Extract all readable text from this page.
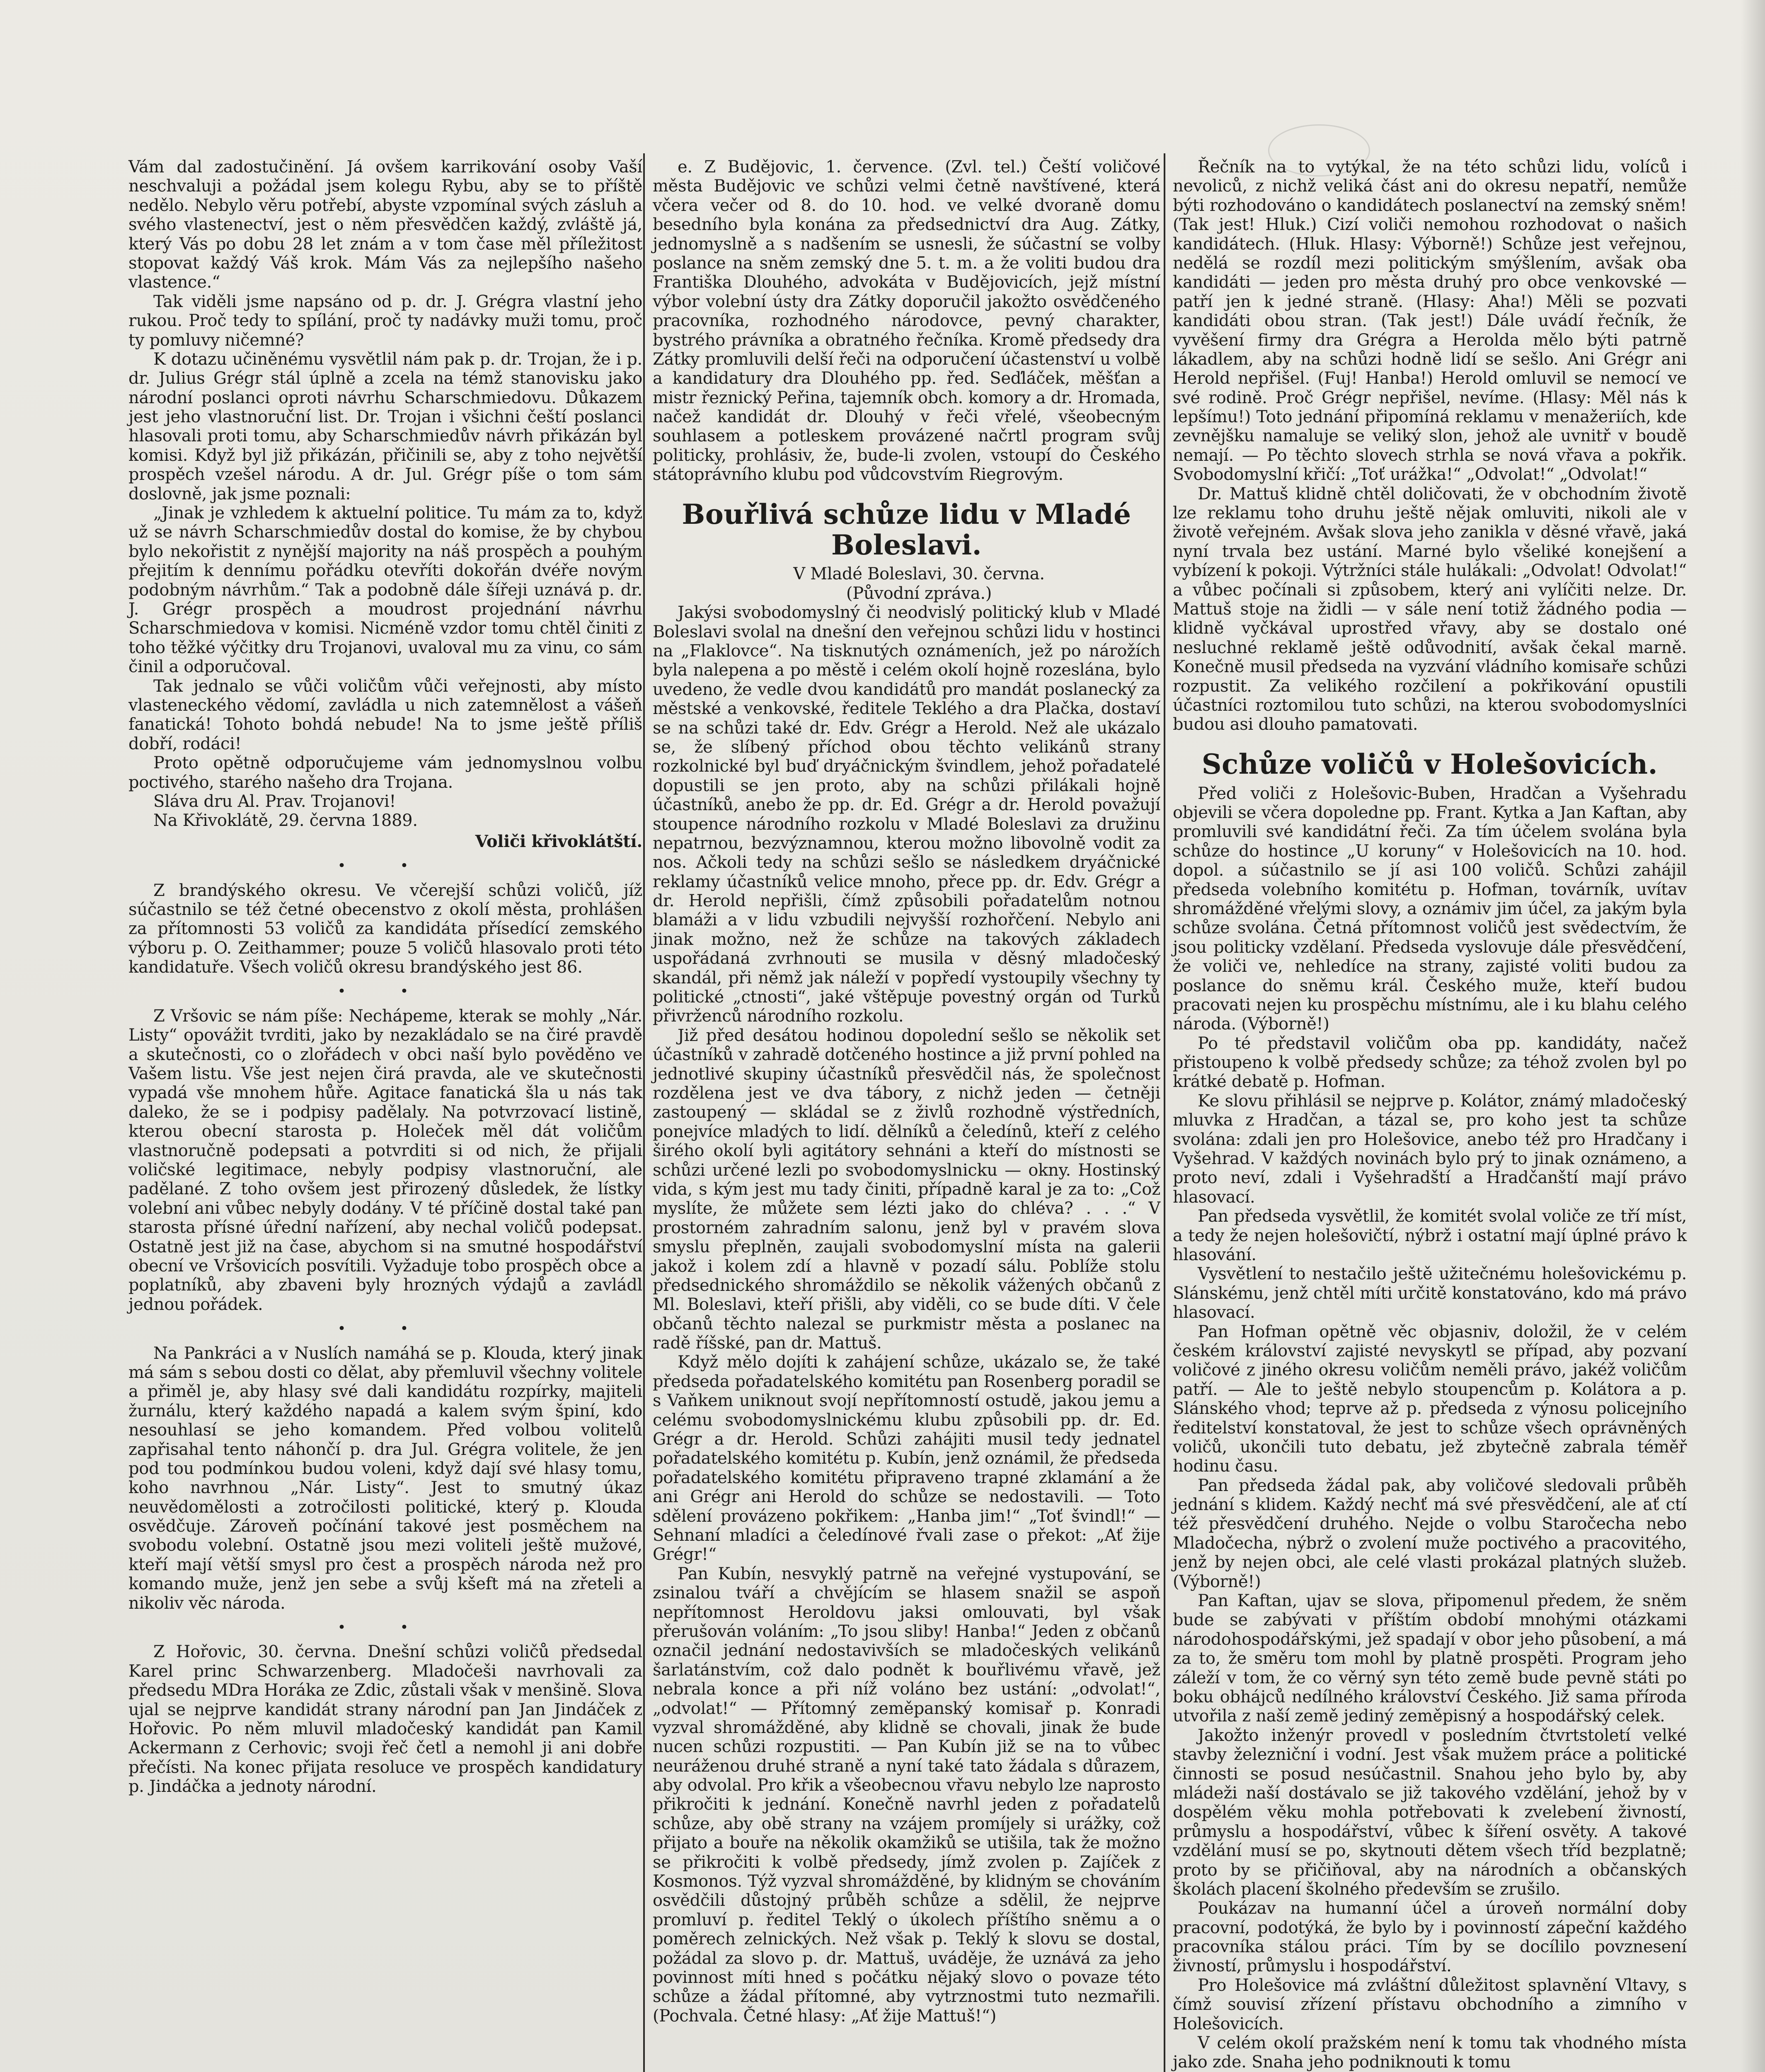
Vám dal zadostučinění. Já ovšem karrikování osoby Vaší neschvaluji a požádal jsem kolegu Rybu, aby se to příště nedělo. Nebylo věru potřebí, abyste vzpomínal svých zásluh a svého vlastenectví, jest o něm přesvědčen každý, zvláště já, který Vás po dobu 28 let znám a v tom čase měl příležitost stopovat každý Váš krok. Mám Vás za nejlepšího našeho vlastence.“

Tak viděli jsme napsáno od p. dr. J. Grégra vlastní jeho rukou. Proč tedy to spílání, proč ty nadávky muži tomu, proč ty pomluvy ničemné?

K dotazu učiněnému vysvětlil nám pak p. dr. Trojan, že i p. dr. Julius Grégr stál úplně a zcela na témž stanovisku jako národní poslanci oproti návrhu Scharschmiedovu. Důkazem jest jeho vlastnoruční list. Dr. Trojan i všichni čeští poslanci hlasovali proti tomu, aby Scharschmiedův návrh přikázán byl komisi. Když byl již přikázán, přičinili se, aby z toho největší prospěch vzešel národu. A dr. Jul. Grégr píše o tom sám doslovně, jak jsme poznali:

„Jinak je vzhledem k aktuelní politice. Tu mám za to, když už se návrh Scharschmiedův dostal do komise, že by chybou bylo nekořistit z nynější majority na náš prospěch a pouhým přejitím k dennímu pořádku otevříti dokořán dvéře novým podobným návrhům.“ Tak a podobně dále šířeji uznává p. dr. J. Grégr prospěch a moudrost projednání návrhu Scharschmiedova v komisi. Nicméně vzdor tomu chtěl činiti z toho těžké výčitky dru Trojanovi, uvaloval mu za vinu, co sám činil a odporučoval.

Tak jednalo se vůči voličům vůči veřejnosti, aby místo vlasteneckého vědomí, zavládla u nich zatemnělost a vášeň fanatická! Tohoto bohdá nebude! Na to jsme ještě příliš dobří, rodáci!

Proto opětně odporučujeme vám jednomyslnou volbu poctivého, starého našeho dra Trojana.

Sláva dru Al. Prav. Trojanovi!

Na Křivoklátě, 29. června 1889.

Voliči křivoklátští.
• •

Z brandýského okresu. Ve včerejší schůzi voličů, jíž súčastnilo se též četné obecenstvo z okolí města, prohlášen za přítomnosti 53 voličů za kandidáta přísedící zemského výboru p. O. Zeithammer; pouze 5 voličů hlasovalo proti této kandidatuře. Všech voličů okresu brandýského jest 86.

• •

Z Vršovic se nám píše: Nechápeme, kterak se mohly „Nár. Listy“ opovážit tvrditi, jako by nezakládalo se na čiré pravdě a skutečnosti, co o zlořádech v obci naší bylo pověděno ve Vašem listu. Vše jest nejen čirá pravda, ale ve skutečnosti vypadá vše mnohem hůře. Agitace fanatická šla u nás tak daleko, že se i podpisy padělaly. Na potvrzovací listině, kterou obecní starosta p. Holeček měl dát voličům vlastnoručně podepsati a potvrditi si od nich, že přijali voličské legitimace, nebyly podpisy vlastnoruční, ale padělané. Z toho ovšem jest přirozený důsledek, že lístky volební ani vůbec nebyly dodány. V té příčině dostal také pan starosta přísné úřední nařízení, aby nechal voličů podepsat. Ostatně jest již na čase, abychom si na smutné hospodářství obecní ve Vršovicích posvítili. Vyžaduje tobo prospěch obce a poplatníků, aby zbaveni byly hrozných výdajů a zavládl jednou pořádek.

• •

Na Pankráci a v Nuslích namáhá se p. Klouda, který jinak má sám s sebou dosti co dělat, aby přemluvil všechny volitele a přiměl je, aby hlasy své dali kandidátu rozpírky, majiteli žurnálu, který každého napadá a kalem svým špiní, kdo nesouhlasí se jeho komandem. Před volbou volitelů zapřisahal tento náhončí p. dra Jul. Grégra volitele, že jen pod tou podmínkou budou voleni, když dají své hlasy tomu, koho navrhnou „Nár. Listy“. Jest to smutný úkaz neuvědomělosti a zotročilosti politické, který p. Klouda osvědčuje. Zároveň počínání takové jest posměchem na svobodu volební. Ostatně jsou mezi voliteli ještě mužové, kteří mají větší smysl pro čest a prospěch národa než pro komando muže, jenž jen sebe a svůj kšeft má na zřeteli a nikoliv věc národa.

• •

Z Hořovic, 30. června. Dnešní schůzi voličů předsedal Karel princ Schwarzenberg. Mladočeši navrhovali za předsedu MDra Horáka ze Zdic, zůstali však v menšině. Slova ujal se nejprve kandidát strany národní pan Jan Jindáček z Hořovic. Po něm mluvil mladočeský kandidát pan Kamil Ackermann z Cerhovic; svoji řeč četl a nemohl ji ani dobře přečísti. Na konec přijata resoluce ve prospěch kandidatury p. Jindáčka a jednoty národní.

e. Z Budějovic, 1. července. (Zvl. tel.) Čeští voličové města Budějovic ve schůzi velmi četně navštívené, která včera večer od 8. do 10. hod. ve velké dvoraně domu besedního byla konána za předsednictví dra Aug. Zátky, jednomyslně a s nadšením se usnesli, že súčastní se volby poslance na sněm zemský dne 5. t. m. a že voliti budou dra Františka Dlouhého, advokáta v Budějovicích, jejž místní výbor volební ústy dra Zátky doporučil jakožto osvědčeného pracovníka, rozhodného národovce, pevný charakter, bystrého právníka a obratného řečníka. Kromě předsedy dra Zátky promluvili delší řeči na odporučení účastenství u volbě a kandidatury dra Dlouhého pp. řed. Seďláček, měšťan a mistr řeznický Peřina, tajemník obch. komory a dr. Hromada, načež kandidát dr. Dlouhý v řeči vřelé, všeobecným souhlasem a potleskem provázené načrtl program svůj politicky, prohlásiv, že, bude-li zvolen, vstoupí do Českého státoprávního klubu pod vůdcovstvím Riegrovým.

Bouřlivá schůze lidu v Mladé Boleslavi.

V Mladé Boleslavi, 30. června.

(Původní zpráva.)

Jakýsi svobodomyslný či neodvislý politický klub v Mladé Boleslavi svolal na dnešní den veřejnou schůzi lidu v hostinci na „Flaklovce“. Na tisknutých oznámeních, jež po nárožích byla nalepena a po městě i celém okolí hojně rozeslána, bylo uvedeno, že vedle dvou kandidátů pro mandát poslanecký za městské a venkovské, ředitele Teklého a dra Plačka, dostaví se na schůzi také dr. Edv. Grégr a Herold. Než ale ukázalo se, že slíbený příchod obou těchto velikánů strany rozkolnické byl buď dryáčnickým švindlem, jehož pořadatelé dopustili se jen proto, aby na schůzi přilákali hojně účastníků, anebo že pp. dr. Ed. Grégr a dr. Herold považují stoupence národního rozkolu v Mladé Boleslavi za družinu nepatrnou, bezvýznamnou, kterou možno libovolně vodit za nos. Ačkoli tedy na schůzi sešlo se následkem dryáčnické reklamy účastníků velice mnoho, přece pp. dr. Edv. Grégr a dr. Herold nepřišli, čímž způsobili pořadatelům notnou blamáži a v lidu vzbudili nejvyšší rozhořčení. Nebylo ani jinak možno, než že schůze na takových základech uspořádaná zvrhnouti se musila v děsný mladočeský skandál, při němž jak náleží v popředí vystoupily všechny ty politické „ctnosti“, jaké vštěpuje povestný orgán od Turků přivrženců národního rozkolu.

Již před desátou hodinou dopolední sešlo se několik set účastníků v zahradě dotčeného hostince a již první pohled na jednotlivé skupiny účastníků přesvědčil nás, že společnost rozdělena jest ve dva tábory, z nichž jeden — četněji zastoupený — skládal se z živlů rozhodně výstředních, ponejvíce mladých to lidí. dělníků a čeledínů, kteří z celého širého okolí byli agitátory sehnáni a kteří do místnosti se schůzi určené lezli po svobodomyslnicku — okny. Hostinský vida, s kým jest mu tady činiti, případně karal je za to: „Což myslíte, že můžete sem lézti jako do chléva? . . .“ V prostorném zahradním salonu, jenž byl v pravém slova smyslu přeplněn, zaujali svobodomyslní místa na galerii jakož i kolem zdí a hlavně v pozadí sálu. Poblíže stolu předsednického shromáždilo se několik vážených občanů z Ml. Boleslavi, kteří přišli, aby viděli, co se bude díti. V čele občanů těchto nalezal se purkmistr města a poslanec na radě říšské, pan dr. Mattuš.

Když mělo dojíti k zahájení schůze, ukázalo se, že také předseda pořadatelského komitétu pan Rosenberg poradil se s Vaňkem uniknout svojí nepřítomností ostudě, jakou jemu a celému svobodomyslnickému klubu způsobili pp. dr. Ed. Grégr a dr. Herold. Schůzi zahájiti musil tedy jednatel pořadatelského komitétu p. Kubín, jenž oznámil, že předseda pořadatelského komitétu připraveno trapné zklamání a že ani Grégr ani Herold do schůze se nedostavili. — Toto sdělení provázeno pokřikem: „Hanba jim!“ „Toť švindl!“ — Sehnaní mladíci a čeledínové řvali zase o překot: „Ať žije Grégr!“

Pan Kubín, nesvyklý patrně na veřejné vystupování, se zsinalou tváří a chvějícím se hlasem snažil se aspoň nepřítomnost Heroldovu jaksi omlouvati, byl však přerušován voláním: „To jsou sliby! Hanba!“ Jeden z občanů označil jednání nedostavivších se mladočeských velikánů šarlatánstvím, což dalo podnět k bouřlivému vřavě, jež nebrala konce a při níž voláno bez ustání: „odvolat!“, „odvolat!“ — Přítomný zeměpanský komisař p. Konradi vyzval shromážděné, aby klidně se chovali, jinak že bude nucen schůzi rozpustiti. — Pan Kubín již se na to vůbec neuráženou druhé straně a nyní také tato žádala s důrazem, aby odvolal. Pro křik a všeobecnou vřavu nebylo lze naprosto přikročiti k jednání. Konečně navrhl jeden z pořadatelů schůze, aby obě strany na vzájem promíjely si urážky, což přijato a bouře na několik okamžiků se utišila, tak že možno se přikročiti k volbě předsedy, jímž zvolen p. Zajíček z Kosmonos. Týž vyzval shromážděné, by klidným se chováním osvědčili důstojný průběh schůze a sdělil, že nejprve promluví p. ředitel Teklý o úkolech příštího sněmu a o poměrech zelnických. Než však p. Teklý k slovu se dostal, požádal za slovo p. dr. Mattuš, uváděje, že uznává za jeho povinnost míti hned s počátku nějaký slovo o povaze této schůze a žádal přítomné, aby vytrznostmi tuto nezmařili. (Pochvala. Četné hlasy: „Ať žije Mattuš!“)

Řečník na to vytýkal, že na této schůzi lidu, volíců i nevoliců, z nichž veliká část ani do okresu nepatří, nemůže býti rozhodováno o kandidátech poslanectví na zemský sněm! (Tak jest! Hluk.) Cizí voliči nemohou rozhodovat o našich kandidátech. (Hluk. Hlasy: Výborně!) Schůze jest veřejnou, nedělá se rozdíl mezi politickým smýšlením, avšak oba kandidáti — jeden pro města druhý pro obce venkovské — patří jen k jedné straně. (Hlasy: Aha!) Měli se pozvati kandidáti obou stran. (Tak jest!) Dále uvádí řečník, že vyvěšení firmy dra Grégra a Herolda mělo býti patrně lákadlem, aby na schůzi hodně lidí se sešlo. Ani Grégr ani Herold nepřišel. (Fuj! Hanba!) Herold omluvil se nemocí ve své rodině. Proč Grégr nepřišel, nevíme. (Hlasy: Měl nás k lepšímu!) Toto jednání připomíná reklamu v menažeriích, kde zevnějšku namaluje se veliký slon, jehož ale uvnitř v boudě nemají. — Po těchto slovech strhla se nová vřava a pokřik. Svobodomyslní křičí: „Toť urážka!“ „Odvolat!“ „Odvolat!“

Dr. Mattuš klidně chtěl doličovati, že v obchodním životě lze reklamu toho druhu ještě nějak omluviti, nikoli ale v životě veřejném. Avšak slova jeho zanikla v děsné vřavě, jaká nyní trvala bez ustání. Marné bylo všeliké konejšení a vybízení k pokoji. Výtržníci stále hulákali: „Odvolat! Odvolat!“ a vůbec počínali si způsobem, který ani vylíčiti nelze. Dr. Mattuš stoje na židli — v sále není totiž žádného podia — klidně vyčkával uprostřed vřavy, aby se dostalo oné nesluchné reklamě ještě odůvodnití, avšak čekal marně. Konečně musil předseda na vyzvání vládního komisaře schůzi rozpustit. Za velikého rozčilení a pokřikování opustili účastníci roztomilou tuto schůzi, na kterou svobodomyslníci budou asi dlouho pamatovati.

Schůze voličů v Holešovicích.

Před voliči z Holešovic-Buben, Hradčan a Vyšehradu objevili se včera dopoledne pp. Frant. Kytka a Jan Kaftan, aby promluvili své kandidátní řeči. Za tím účelem svolána byla schůze do hostince „U koruny“ v Holešovicích na 10. hod. dopol. a súčastnilo se jí asi 100 voličů. Schůzi zahájil předseda volebního komitétu p. Hofman, továrník, uvítav shromážděné vřelými slovy, a oznámiv jim účel, za jakým byla schůze svolána. Četná přítomnost voličů jest svědectvím, že jsou politicky vzdělaní. Předseda vyslovuje dále přesvědčení, že voliči ve, nehledíce na strany, zajisté voliti budou za poslance do sněmu král. Českého muže, kteří budou pracovati nejen ku prospěchu místnímu, ale i ku blahu celého národa. (Výborně!)

Po té představil voličům oba pp. kandidáty, načež přistoupeno k volbě předsedy schůze; za téhož zvolen byl po krátké debatě p. Hofman.

Ke slovu přihlásil se nejprve p. Kolátor, známý mladočeský mluvka z Hradčan, a tázal se, pro koho jest ta schůze svolána: zdali jen pro Holešovice, anebo též pro Hradčany i Vyšehrad. V každých novinách bylo prý to jinak oznámeno, a proto neví, zdali i Vyšehradští a Hradčanští mají právo hlasovací.

Pan předseda vysvětlil, že komitét svolal voliče ze tří míst, a tedy že nejen holešovičtí, nýbrž i ostatní mají úplné právo k hlasování.

Vysvětlení to nestačilo ještě užitečnému holešovickému p. Slánskému, jenž chtěl míti určitě konstatováno, kdo má právo hlasovací.

Pan Hofman opětně věc objasniv, doložil, že v celém českém království zajisté nevyskytl se případ, aby pozvaní voličové z jiného okresu voličům neměli právo, jakéž voličům patří. — Ale to ještě nebylo stoupencům p. Kolátora a p. Slánského vhod; teprve až p. předseda z výnosu policejního ředitelství konstatoval, že jest to schůze všech oprávněných voličů, ukončili tuto debatu, jež zbytečně zabrala téměř hodinu času.

Pan předseda žádal pak, aby voličové sledovali průběh jednání s klidem. Každý nechť má své přesvědčení, ale ať ctí též přesvědčení druhého. Nejde o volbu Staročecha nebo Mladočecha, nýbrž o zvolení muže poctivého a pracovitého, jenž by nejen obci, ale celé vlasti prokázal platných služeb. (Výborně!)

Pan Kaftan, ujav se slova, připomenul předem, že sněm bude se zabývati v příštím období mnohými otázkami národohospodářskými, jež spadají v obor jeho působení, a má za to, že směru tom mohl by platně prospěti. Program jeho záleží v tom, že co věrný syn této země bude pevně státi po boku obhájců nedílného království Českého. Již sama příroda utvořila z naší země jediný zeměpisný a hospodářský celek.

Jakožto inženýr provedl v posledním čtvrtstoletí velké stavby železniční i vodní. Jest však mužem práce a politické činnosti se posud nesúčastnil. Snahou jeho bylo by, aby mládeži naší dostávalo se již takového vzdělání, jehož by v dospělém věku mohla potřebovati k zvelebení živností, průmyslu a hospodářství, vůbec k šíření osvěty. A takové vzdělání musí se po, skytnouti dětem všech tříd bezplatně; proto by se přičiňoval, aby na národních a občanských školách placení školného především se zrušilo.

Poukázav na humanní účel a úroveň normální doby pracovní, podotýká, že bylo by i povinností zápeční každého pracovníka stálou práci. Tím by se docílilo povznesení živností, průmyslu i hospodářství.

Pro Holešovice má zvláštní důležitost splavnění Vltavy, s čímž souvisí zřízení přístavu obchodního a zimního v Holešovicích.

V celém okolí pražském není k tomu tak vhodného místa jako zde. Snaha jeho podniknouti k tomu
